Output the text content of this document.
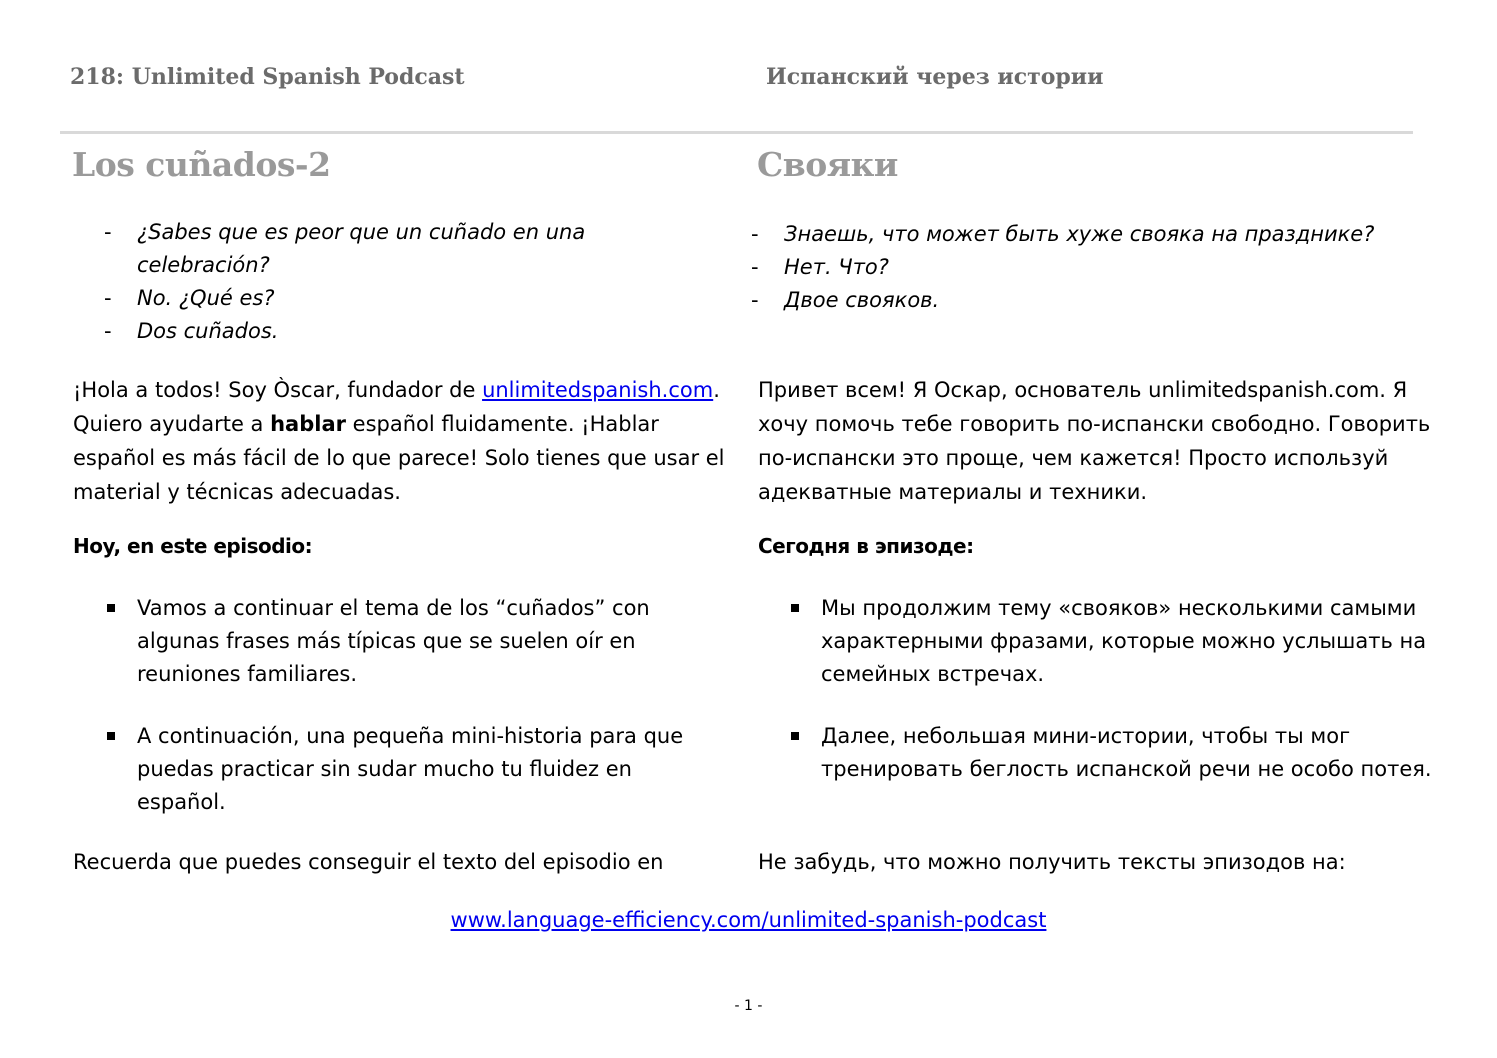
218: Unlimited Spanish Podcast	Испанский через истории
Los cuñados-2	Свояки
- ¿Sabes que es peor que un cuñado en una celebración?
- No. ¿Qué es?
- Dos cuñados.
- Знаешь, что может быть хуже свояка на празднике?
- Нет. Что?
- Двое свояков.

¡Hola a todos! Soy Òscar, fundador de unlimitedspanish.com. Quiero ayudarte a hablar español fluidamente. ¡Hablar español es más fácil de lo que parece! Solo tienes que usar el material y técnicas adecuadas.

Привет всем! Я Оскар, основатель unlimitedspanish.com. Я хочу помочь тебе говорить по-испански свободно. Говорить по-испански это проще, чем кажется! Просто используй адекватные материалы и техники.

Hoy, en este episodio:	Сегодня в эпизоде:
Vamos a continuar el tema de los “cuñados” con algunas frases más típicas que se suelen oír en reuniones familiares.
A continuación, una pequeña mini-historia para que puedas practicar sin sudar mucho tu fluidez en español.
Мы продолжим тему «свояков» несколькими самыми характерными фразами, которые можно услышать на семейных встречах.
Далее, небольшая мини-истории, чтобы ты мог тренировать беглость испанской речи не особо потея.
Recuerda que puedes conseguir el texto del episodio en	Не забудь, что можно получить тексты эпизодов на:
www.language-efficiency.com/unlimited-spanish-podcast
- 1 -
